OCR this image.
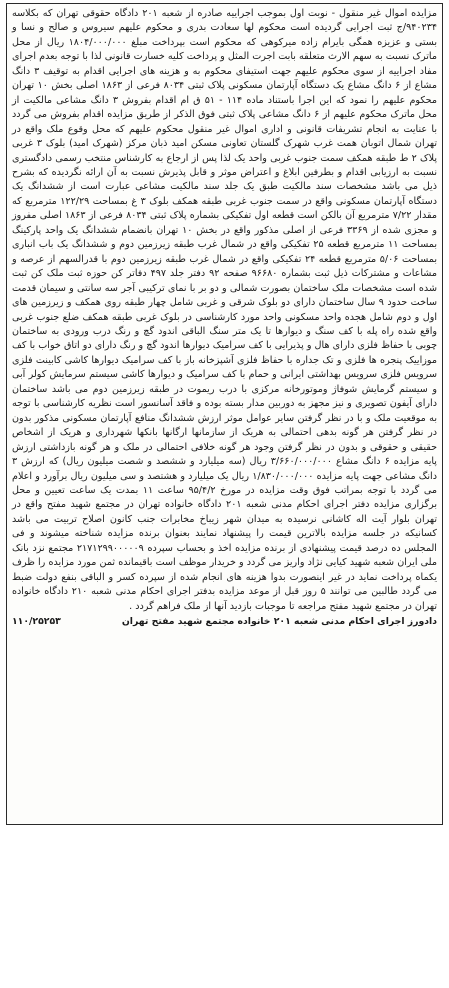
مزایده اموال غیر منقول - نوبت اول بموجب اجراییه صادره از شعبه ۲۰۱ دادگاه حقوقی تهران که بکلاسه ۹۴۰۲۳۴/ج ثبت اجرایی گردیده است محکوم لها سعادت بدری و محکوم علیهم سیروس و صالح و نسا و بستی و عزیزه همگی بایرام زاده میرکوهی که محکوم است بپرداخت مبلغ ۱۸۰۴/۰۰۰/۰۰۰ ریال از محل ماترک نسبت به سهم الارث متعلقه بابت اجرت المثل و پرداخت کلیه خسارت قانونی لذا با توجه بعدم اجرای مفاد اجراییه از سوی محکوم علیهم جهت استیفای محکوم به و هزینه های اجرایی اقدام به توقیف ۳ دانگ مشاع از ۶ دانگ مشاع یک دستگاه آپارتمان مسکونی پلاک ثبتی ۸۰۳۴ فرعی از ۱۸۶۳ اصلی بخش ۱۰ تهران محکوم علیهم را نمود که این اجرا باستناد ماده ۱۱۴ - ۵۱ ق ام اقدام بفروش ۳ دانگ مشاعی مالکیت از محل ماترک محکوم علیهم از ۶ دانگ مشاعی پلاک ثبتی فوق الذکر از طریق مزایده اقدام بفروش می گردد با عنایت به انجام تشریفات قانونی و اداری اموال غیر منقول محکوم علیهم که محل وقوع ملک واقع در تهران شمال اتوبان همت غرب شهرک گلستان تعاونی مسکن امید ذ‌بان مرکز (شهرک امید) بلوک ۳ غربی پلاک ۲ ط طبقه همکف سمت جنوب غربی واحد یک لذا پس از ارجاع به کارشناس منتخب رسمی دادگستری نسبت به ارزیابی اقدام و بطرفین ابلاغ و اعتراض موثر و قابل پذیرش نسبت به آن ارائه نگردیده که بشرح ذیل می باشد مشخصات سند مالکیت طبق یک جلد سند مالکیت مشاعی عبارت است از ششدانگ یک دستگاه آپارتمان مسکونی واقع در سمت جنوب غربی طبقه همکف بلوک ۳ غ بمساحت ۱۲۲/۲۹ مترمربع که مقدار ۷/۲۲ مترمربع آن بالکن است قطعه اول تفکیکی بشماره پلاک ثبتی ۸۰۳۴ فرعی از ۱۸۶۳ اصلی مفروز و مجزی شده از ۳۳۶۹ فرعی از اصلی مذکور واقع در بخش ۱۰ تهران بانضمام ششدانگ یک واحد پارکینگ بمساحت ۱۱ مترمربع قطعه ۲۵ تفکیکی واقع در شمال غرب طبقه زیرزمین دوم و ششدانگ یک باب انباری بمساحت ۵/۰۶ مترمربع قطعه ۲۴ تفکیکی واقع در شمال غرب طبقه زیرزمین دوم با قدرالسهم از عرصه و مشاعات و مشترکات ذیل ثبت بشماره ۹۶۶۸۰ صفحه ۹۲ دفتر جلد ۴۹۷ دفاتر کن حوزه ثبت ملک کن ثبت شده است مشخصات ملک ساختمان بصورت شمالی و دو بر با نمای ترکیبی آجر سه سانتی و سیمان قدمت ساخت حدود ۹ سال ساختمان دارای دو بلوک شرقی و غربی شامل چهار طبقه روی همکف و زیرزمین های اول و دوم شامل هجده واحد مسکونی واحد مورد کارشناسی در بلوک غربی طبقه همکف ضلع جنوب غربی واقع شده راه پله با کف سنگ و دیوارها تا یک متر سنگ الباقی اندود گچ و رنگ درب ورودی به ساختمان چوبی با حفاظ فلزی دارای هال و پذیرایی با کف سرامیک دیوارها اندود گچ و رنگ دارای دو اتاق خواب با کف موزاییک پنجره ها فلزی و تک جداره با حفاظ فلزی آشپزخانه باز با کف سرامیک دیوارها کاشی کابینت فلزی سرویس فلزی سرویس بهداشتی ایرانی و حمام با کف سرامیک و دیوارها کاشی سیستم سرمایش کولر آبی و سیستم گرمایش شوفاژ وموتورخانه مرکزی با درب ریموت در طبقه زیرزمین دوم می باشد ساختمان دارای آیفون تصویری و نیز مجهز به دوربین مدار بسته بوده و فاقد آسانسور است نظریه کارشناسی با توجه به موقعیت ملک و با در نظر گرفتن سایر عوامل موثر ارزش ششدانگ منافع آپارتمان مسکونی مذکور بدون در نظر گرفتن هر گونه بدهی احتمالی به هریک از سازمانها ارگانها بانکها شهرداری و هریک از اشخاص حقیقی و حقوقی و بدون در نظر گرفتن وجود هر گونه خلافی احتمالی در ملک و هر گونه بازداشتی ارزش پایه مزایده ۶ دانگ مشاع ۳/۶۶۰/۰۰۰/۰۰۰ ریال (سه میلیارد و ششصد و شصت میلیون ریال) که ارزش ۳ دانگ مشاعی جهت پایه مزایده ۱/۸۳۰/۰۰۰/۰۰۰ ریال یک میلیارد و هشتصد و سی میلیون ریال برآورد و اعلام می گردد با توجه بمراتب فوق وقت مزایده در مورخ ۹۵/۴/۲ ساعت ۱۱ بمدت یک ساعت تعیین و محل برگزاری مزایده دفتر اجرای احکام مدنی شعبه ۲۰۱ دادگاه خانواده تهران در مجتمع شهید مفتح واقع در تهران بلوار آیت اله کاشانی نرسیده به میدان شهر زیباخ مخابرات جنب کانون اصلاح تربیت می باشد کسانیکه در جلسه مزایده بالاترین قیمت را پیشنهاد نمایند بعنوان برنده مزایده شناخته میشوند و فی المجلس ده درصد قیمت پیشنهادی از برنده مزایده اخذ و بحساب سپرده ۲۱۷۱۲۹۹۰۰۰۰۰۹ مجتمع نزد بانک ملی ایران شعبه شهید کیایی نژاد واریز می گردد و خریدار موظف است باقیمانده ثمن مورد مزایده را ظرف یکماه پرداخت نماید در غیر اینصورت بدوا هزینه های انجام شده از سپرده کسر و الباقی بنفع دولت ضبط می گردد طالبین می توانند ۵ روز قبل از موعد مزایده بدفتر اجرای احکام مدنی شعبه ۲۱۰ دادگاه خانواده تهران در مجتمع شهید مفتح مراجعه تا موجبات بازدید آنها از ملک فراهم گردد .

دادورز اجرای احکام مدنی شعبه ۲۰۱ خانواده مجتمع شهید مفتح تهران
۱۱۰/۲۵۲۵۳
